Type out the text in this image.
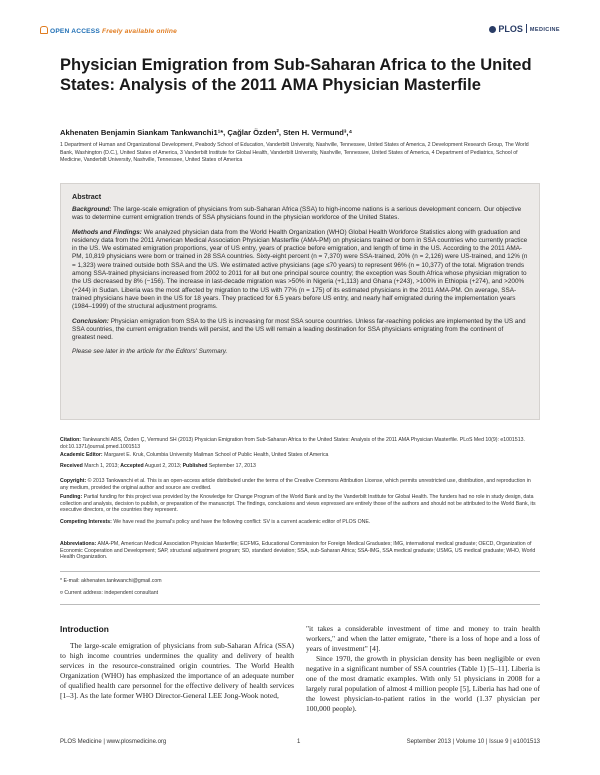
OPEN ACCESS Freely available online	PLOS MEDICINE
Physician Emigration from Sub-Saharan Africa to the United States: Analysis of the 2011 AMA Physician Masterfile
Akhenaten Benjamin Siankam Tankwanchi1¹*, Çağlar Özden², Sten H. Vermund³,⁴
1 Department of Human and Organizational Development, Peabody School of Education, Vanderbilt University, Nashville, Tennessee, United States of America, 2 Development Research Group, The World Bank, Washington (D.C.), United States of America, 3 Vanderbilt Institute for Global Health, Vanderbilt University, Nashville, Tennessee, United States of America, 4 Department of Pediatrics, School of Medicine, Vanderbilt University, Nashville, Tennessee, United States of America
Abstract

Background: The large-scale emigration of physicians from sub-Saharan Africa (SSA) to high-income nations is a serious development concern. Our objective was to determine current emigration trends of SSA physicians found in the physician workforce of the United States.

Methods and Findings: We analyzed physician data from the World Health Organization (WHO) Global Health Workforce Statistics along with graduation and residency data from the 2011 American Medical Association Physician Masterfile (AMA-PM) on physicians trained or born in SSA countries who currently practice in the US. We estimated emigration proportions, year of US entry, years of practice before emigration, and length of time in the US. According to the 2011 AMA-PM, 10,819 physicians were born or trained in 28 SSA countries. Sixty-eight percent (n = 7,370) were SSA-trained, 20% (n = 2,126) were US-trained, and 12% (n = 1,323) were trained outside both SSA and the US. We estimated active physicians (age ≤70 years) to represent 96% (n = 10,377) of the total. Migration trends among SSA-trained physicians increased from 2002 to 2011 for all but one principal source country; the exception was South Africa whose physician migration to the US decreased by 8% (−156). The increase in last-decade migration was >50% in Nigeria (+1,113) and Ghana (+243), >100% in Ethiopia (+274), and >200% (+244) in Sudan. Liberia was the most affected by migration to the US with 77% (n = 175) of its estimated physicians in the 2011 AMA-PM. On average, SSA-trained physicians have been in the US for 18 years. They practiced for 6.5 years before US entry, and nearly half emigrated during the implementation years (1984–1999) of the structural adjustment programs.

Conclusion: Physician emigration from SSA to the US is increasing for most SSA source countries. Unless far-reaching policies are implemented by the US and SSA countries, the current emigration trends will persist, and the US will remain a leading destination for SSA physicians emigrating from the continent of greatest need.

Please see later in the article for the Editors' Summary.

Citation: Tankwanchi ABS, Özden Ç, Vermund SH (2013) Physician Emigration from Sub-Saharan Africa to the United States: Analysis of the 2011 AMA Physician Masterfile. PLoS Med 10(9): e1001513. doi:10.1371/journal.pmed.1001513
Academic Editor: Margaret E. Kruk, Columbia University Mailman School of Public Health, United States of America
Received March 1, 2013; Accepted August 2, 2013; Published September 17, 2013
Copyright: © 2013 Tankwanchi et al. This is an open-access article distributed under the terms of the Creative Commons Attribution License, which permits unrestricted use, distribution, and reproduction in any medium, provided the original author and source are credited.
Funding: Partial funding for this project was provided by the Knowledge for Change Program of the World Bank and by the Vanderbilt Institute for Global Health. The funders had no role in study design, data collection and analysis, decision to publish, or preparation of the manuscript. The findings, conclusions and views expressed are entirely those of the authors and should not be attributed to the World Bank, its executive directors, or the countries they represent.
Competing Interests: We have read the journal's policy and have the following conflict: SV is a current academic editor of PLOS ONE.
Abbreviations: AMA-PM, American Medical Association Physician Masterfile; ECFMG, Educational Commission for Foreign Medical Graduates; IMG, international medical graduate; OECD, Organization of Economic Cooperation and Development; SAP, structural adjustment program; SD, standard deviation; SSA, sub-Saharan Africa; SSA-IMG, SSA medical graduate; USMG, US medical graduate; WHO, World Health Organization.
* E-mail: akhenaten.tankwanchi@gmail.com
¤ Current address: independent consultant
Introduction

The large-scale emigration of physicians from sub-Saharan Africa (SSA) to high income countries undermines the quality and delivery of health services in the resource-constrained origin countries. The World Health Organization (WHO) has emphasized the importance of an adequate number of qualified health care personnel for the effective delivery of health services [1–3]. As the late former WHO Director-General LEE Jong-Wook noted,

"it takes a considerable investment of time and money to train health workers," and when the latter emigrate, "there is a loss of hope and a loss of years of investment" [4].

Since 1970, the growth in physician density has been negligible or even negative in a significant number of SSA countries (Table 1) [5–11]. Liberia is one of the most dramatic examples. With only 51 physicians in 2008 for a largely rural population of almost 4 million people [5], Liberia has had one of the lowest physician-to-patient ratios in the world (1.37 physician per 100,000 people).

PLOS Medicine | www.plosmedicine.org	1	September 2013 | Volume 10 | Issue 9 | e1001513
